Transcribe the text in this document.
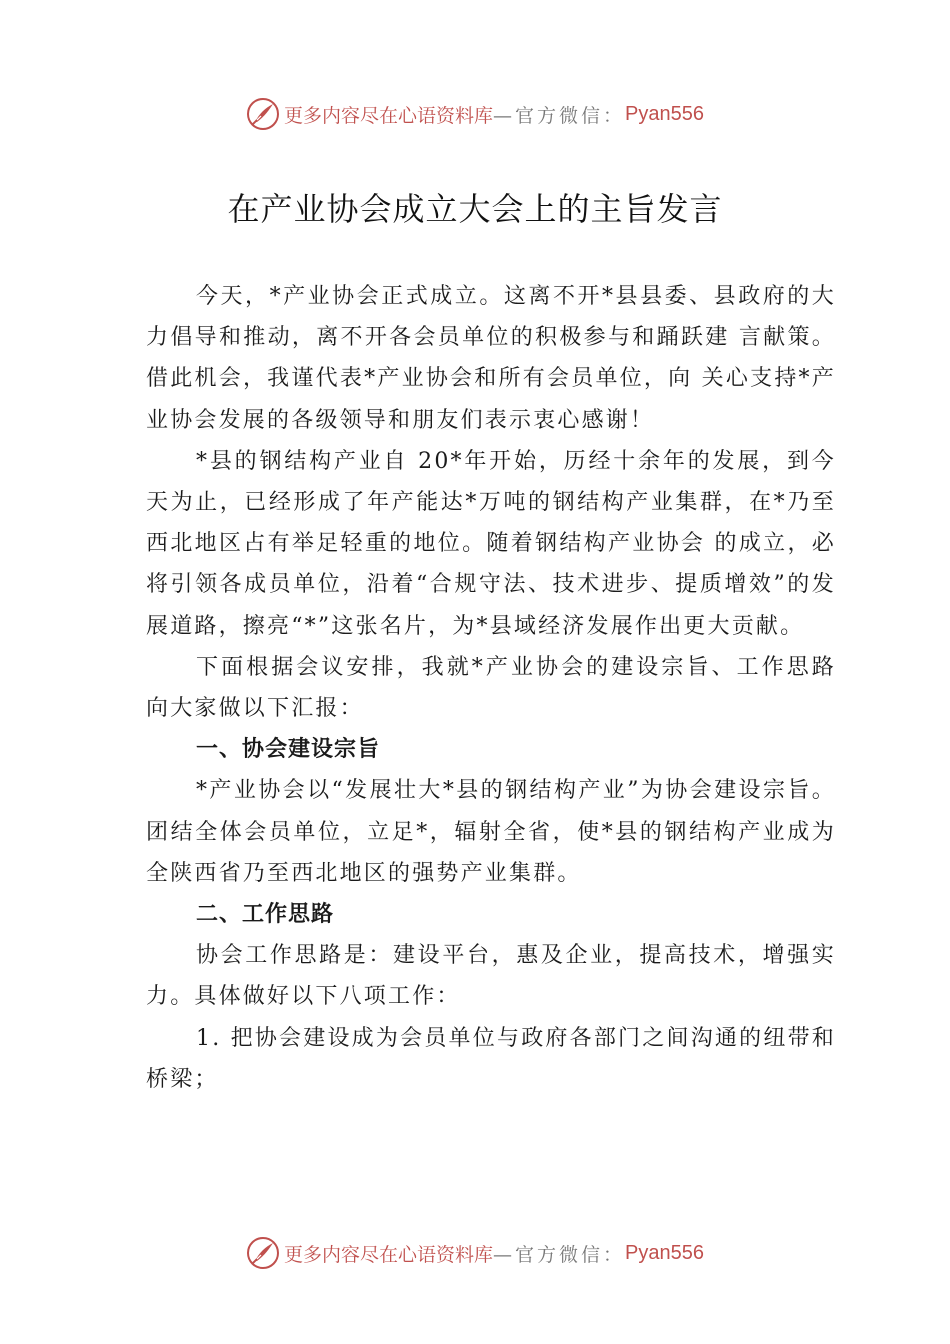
更多内容尽在心语资料库 —官方微信： Pyan556
在产业协会成立大会上的主旨发言

今天，*产业协会正式成立。这离不开*县县委、县政府的大力倡导和推动，离不开各会员单位的积极参与和踊跃建 言献策。借此机会，我谨代表*产业协会和所有会员单位，向 关心支持*产业协会发展的各级领导和朋友们表示衷心感谢！

*县的钢结构产业自 20*年开始，历经十余年的发展，到今天为止，已经形成了年产能达*万吨的钢结构产业集群，在*乃至西北地区占有举足轻重的地位。随着钢结构产业协会 的成立，必将引领各成员单位，沿着“合规守法、技术进步、提质增效”的发展道路，擦亮“*”这张名片，为*县域经济发展作出更大贡献。

下面根据会议安排，我就*产业协会的建设宗旨、工作思路向大家做以下汇报：

一、协会建设宗旨

*产业协会以“发展壮大*县的钢结构产业”为协会建设宗旨。团结全体会员单位，立足*，辐射全省，使*县的钢结构产业成为全陕西省乃至西北地区的强势产业集群。

二、工作思路

协会工作思路是：建设平台，惠及企业，提高技术，增强实力。具体做好以下八项工作：

1. 把协会建设成为会员单位与政府各部门之间沟通的纽带和桥梁；

更多内容尽在心语资料库 —官方微信： Pyan556
